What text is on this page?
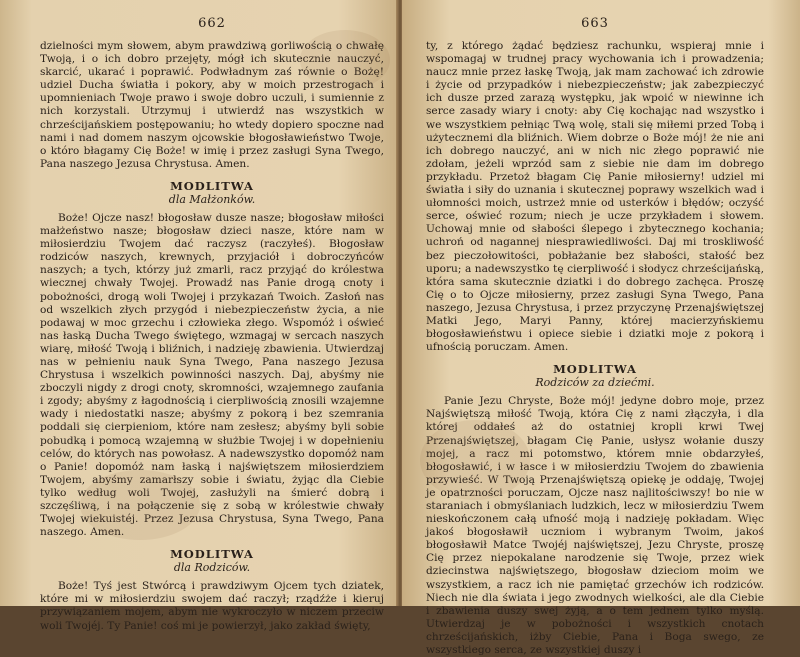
662

dzielności mym słowem, abym prawdziwą gorliwością o chwałę Twoją, i o ich dobro przejęty, mógł ich skutecznie nauczyć, skarcić, ukarać i poprawić. Podwładnym zaś równie o Bożę! udziel Ducha światła i pokory, aby w moich przestrogach i upomnieniach Twoje prawo i swoje dobro uczuli, i sumiennie z nich korzystali. Utrzymuj i utwierdź nas wszystkich w chrześcijańskiem postępowaniu; ho wtedy dopiero spoczne nad nami i nad domem naszym ojcowskie błogosławieństwo Twoje, o któro błagamy Cię Boże! w imię i przez zasługi Syna Twego, Pana naszego Jezusa Chrystusa. Amen.

MODLITWA
dla Małżonków.

Boże! Ojcze nasz! błogosław dusze nasze; błogosław miłości małżeństwo nasze; błogosław dzieci nasze, które nam w miłosierdziu Twojem dać raczysz (raczyłeś). Błogosław rodziców naszych, krewnych, przyjaciół i dobroczyńców naszych; a tych, którzy już zmarli, racz przyjąć do królestwa wiecznej chwały Twojej. Prowadź nas Panie drogą cnoty i pobożności, drogą woli Twojej i przykazań Twoich. Zasłoń nas od wszelkich złych przygód i niebezpieczeństw życia, a nie podawaj w moc grzechu i człowieka złego. Wspomóż i oświeć nas łaską Ducha Twego świętego, wzmagaj w sercach naszych wiarę, miłość Twoją i bliźnich, i nadzieję zbawienia. Utwierdzaj nas w pełnieniu nauk Syna Twego, Pana naszego Jezusa Chrystusa i wszelkich powinności naszych. Daj, abyśmy nie zboczyli nigdy z drogi cnoty, skromności, wzajemnego zaufania i zgody; abyśmy z łagodnością i cierpliwością znosili wzajemne wady i niedostatki nasze; abyśmy z pokorą i bez szemrania poddali się cierpieniom, które nam zesłesz; abyśmy byli sobie pobudką i pomocą wzajemną w służbie Twojej i w dopełnieniu celów, do których nas powołasz. A nadewszystko dopomóż nam o Panie! dopomóż nam łaską i najświętszem miłosierdziem Twojem, abyśmy zamarłszy sobie i światu, żyjąc dla Ciebie tylko według woli Twojej, zasłużyli na śmierć dobrą i szczęśliwą, i na połączenie się z sobą w królestwie chwały Twojej wiekuistéj. Przez Jezusa Chrystusa, Syna Twego, Pana naszego. Amen.

MODLITWA
dla Rodziców.

Boże! Tyś jest Stwórcą i prawdziwym Ojcem tych dziatek, które mi w miłosierdziu swojem dać raczył; rządźże i kieruj przywiązaniem mojem, abym nie wykroczyło w niczem przeciw woli Twojéj. Ty Panie! coś mi je powierzył, jako zakład święty,

663

ty, z którego żądać będziesz rachunku, wspieraj mnie i wspomagaj w trudnej pracy wychowania ich i prowadzenia; naucz mnie przez łaskę Twoją, jak mam zachować ich zdrowie i życie od przypadków i niebezpieczeństw; jak zabezpieczyć ich dusze przed zarazą występku, jak wpoić w niewinne ich serce zasady wiary i cnoty: aby Cię kochając nad wszystko i we wszystkiem pełniąc Twą wolę, stali się miłemi przed Tobą i użytecznemi dla bliźnich. Wiem dobrze o Boże mój! że nie ani ich dobrego nauczyć, ani w nich nic złego poprawić nie zdołam, jeżeli wprzód sam z siebie nie dam im dobrego przykładu. Przetoż błagam Cię Panie miłosierny! udziel mi światła i siły do uznania i skutecznej poprawy wszelkich wad i ułomności moich, ustrzeż mnie od usterków i błędów; oczyść serce, oświeć rozum; niech je ucze przykładem i słowem. Uchowaj mnie od słabości ślepego i zbytecznego kochania; uchroń od nagannej niesprawiedliwości. Daj mi troskliwość bez pieczołowitości, pobłażanie bez słabości, stałość bez uporu; a nadewszystko tę cierpliwość i słodycz chrześcijańską, która sama skutecznie dziatki i do dobrego zachęca. Proszę Cię o to Ojcze miłosierny, przez zasługi Syna Twego, Pana naszego, Jezusa Chrystusa, i przez przyczynę Przenajświętszej Matki Jego, Maryi Panny, której macierzyńskiemu błogosławieństwu i opiece siebie i dziatki moje z pokorą i ufnością poruczam. Amen.

MODLITWA
Rodziców za dziećmi.

Panie Jezu Chryste, Boże mój! jedyne dobro moje, przez Najświętszą miłość Twoją, która Cię z nami złączyła, i dla której oddałeś aż do ostatniej kropli krwi Twej Przenajświętszej, błagam Cię Panie, usłysz wołanie duszy mojej, a racz mi potomstwo, którem mnie obdarzyłeś, błogosławić, i w łasce i w miłosierdziu Twojem do zbawienia przywieść. W Twoją Przenajświętszą opiekę je oddaję, Twojej je opatrzności poruczam, Ojcze nasz najlitościwszy! bo nie w staraniach i obmyślaniach ludzkich, lecz w miłosierdziu Twem nieskończonem całą ufność moją i nadzieję pokładam. Więc jakoś błogosławił uczniom i wybranym Twoim, jakoś błogosławił Matce Twojéj najświętszej, Jezu Chryste, proszę Cię przez niepokalane narodzenie się Twoje, przez wiek dziecinstwa najświętszego, błogosław dzieciom moim we wszystkiem, a racz ich nie pamiętać grzechów ich rodziców. Niech nie dla świata i jego zwodnych wielkości, ale dla Ciebie i zbawienia duszy swej żyją, a o tem jednem tylko myślą. Utwierdzaj je w pobożności i wszystkich cnotach chrześcijańskich, iżby Ciebie, Pana i Boga swego, ze wszystkiego serca, ze wszystkiej duszy i
